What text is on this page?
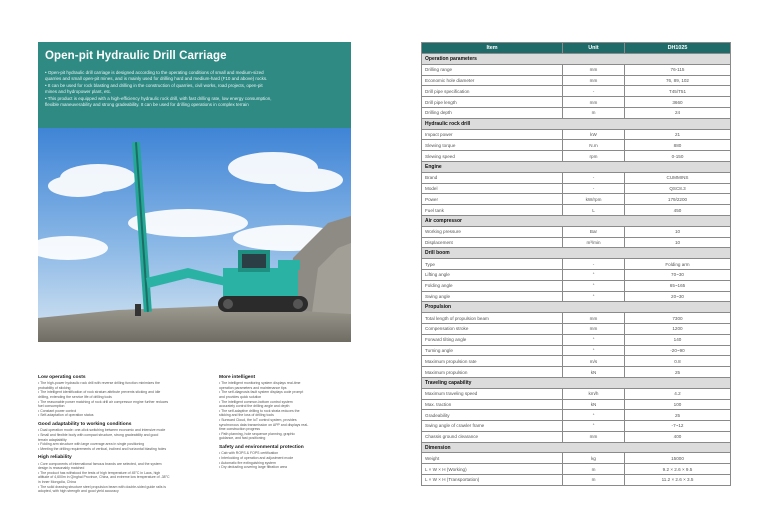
Open-pit Hydraulic Drill Carriage
• Open-pit hydraulic drill carriage is designed according to the operating conditions of small and medium-sized
quarries and small open-pit mines, and is mainly used for drilling hard and medium-hard (F10 and above) rocks.
• It can be used for rock blasting and drilling in the construction of quarries, civil works, road projects, open-pit
mines and hydropower plant, etc.
• This product is equipped with a high-efficiency hydraulic rock drill, with fast drilling rate, low energy consumption,
flexible maneuverability and strong gradeability. It can be used for drilling operations in complex terrain
Low operating costs
• The high-power hydraulic rock drill with reverse drilling function minimizes the
probability of sticking
• The intelligent identification of rock stratum attribute prevents sticking and idle
drilling, extending the service life of drilling tools
• The reasonable power matching of rock drill air compressor engine further reduces
fuel consumption
• Constant power control
• Self-adaptation of operation status
Good adaptability to working conditions
• Dual operation mode: one-click switching between economic and intensive mode
• Small and flexible body with compact structure, strong gradeability and good
terrain adaptability
• Folding arm structure with large coverage area in single positioning
• Meeting the drilling requirements of vertical, inclined and horizontal blasting holes
High reliability
• Core components of international famous brands are selected, and the system
design is reasonably matched
• The product has withstood the tests of high temperature of 45°C in Laos, high
altitude of 4,600m in Qinghai Province, China, and extreme low temperature of -38°C
in Inner Mongolia, China
• The solid drawing structure steel propulsion beam with double-sided guide rails is
adopted, with high strength and good yield accuracy
More intelligent
• The intelligent monitoring system displays real-time
operation parameters and maintenance tips
• The self-diagnosis fault system displays code prompt
and provides quick solution
• The intelligent common-bottom control system
accurately control the drilling angle and depth
• The self-adaptive drilling to rock strata reduces the
sticking and the loss of drilling tools
• Sunward Cloud, the IoT control system, provides
synchronous data transmission on APP and displays real-
time construction progress
• Path planning, hole sequence planning, graphic
guidance, and fast positioning
Safety and environmental protection
• Cab with ROPS & FOPS certification
• Interlocking of operation and adjustment mode
• Automatic fire extinguishing system
• Dry dedusting covering large filtration area
Item	Unit	DH1025
Operation parameters		
Drilling range	mm	76-115
Economic hole diameter	mm	76, 89, 102
Drill pipe specification	-	T45/T51
Drill pipe length	mm	3660
Drilling depth	m	24
Hydraulic rock drill		
Impact power	kW	21
Slewing torque	N.m	880
Slewing speed	rpm	0-150
Engine		
Brand	-	CUMMINS
Model	-	QSC8.3
Power	kW/rpm	179/2200
Fuel tank	L	450
Air compressor		
Working pressure	Bar	10
Displacement	m³/min	10
Drill boom		
Type	-	Folding arm
Lifting angle	°	70~30
Folding angle	°	65~165
Swing angle	°	20~30
Propulsion		
Total length of propulsion beam	mm	7300
Compensation stroke	mm	1200
Forward tilting angle	°	140
Turning angle	°	-20~90
Maximum propulsion rate	m/s	0.8
Maximum propulsion	kN	25
Traveling capability		
Maximum traveling speed	km/h	4.2
Max. traction	kN	100
Gradeability	°	25
Swing angle of crawler frame	°	-7~12
Chassis ground clearance	mm	400
Dimension		
Weight	kg	15000
L × W × H (Working)	m	9.2 × 2.6 × 9.5
L × W × H (Transportation)	m	11.2 × 2.6 × 3.5
